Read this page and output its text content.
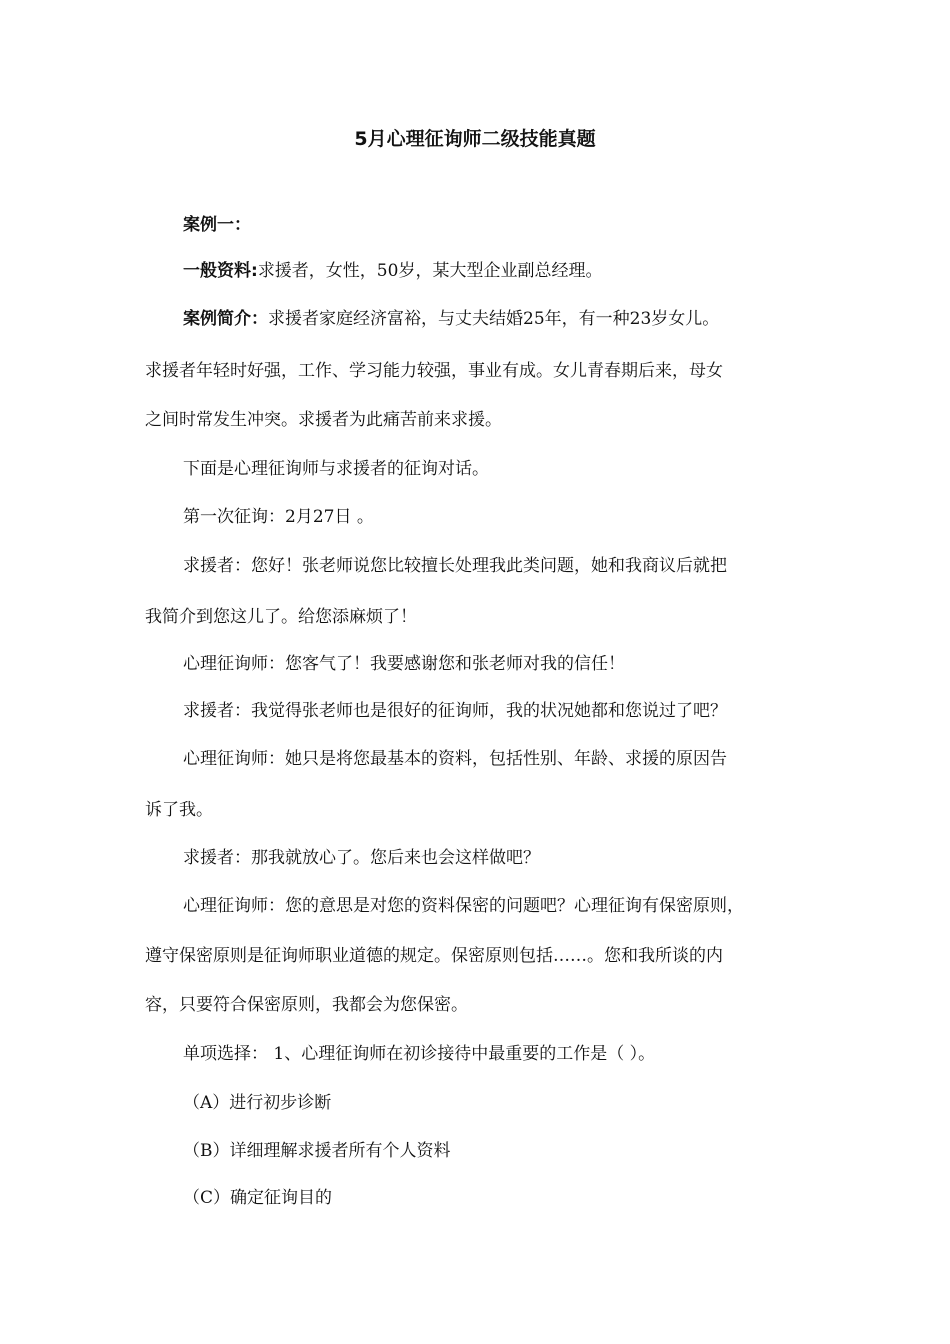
5月心理征询师二级技能真题
案例一：
一般资料:求援者，女性，50岁，某大型企业副总经理。
案例简介：求援者家庭经济富裕，与丈夫结婚25年，有一种23岁女儿。
求援者年轻时好强，工作、学习能力较强，事业有成。女儿青春期后来，母女
之间时常发生冲突。求援者为此痛苦前来求援。
下面是心理征询师与求援者的征询对话。
第一次征询：2月27日 。
求援者：您好！张老师说您比较擅长处理我此类问题，她和我商议后就把
我简介到您这儿了。给您添麻烦了！
心理征询师：您客气了！我要感谢您和张老师对我的信任！
求援者：我觉得张老师也是很好的征询师，我的状况她都和您说过了吧？
心理征询师：她只是将您最基本的资料，包括性别、年龄、求援的原因告
诉了我。
求援者：那我就放心了。您后来也会这样做吧？
心理征询师：您的意思是对您的资料保密的问题吧？心理征询有保密原则，
遵守保密原则是征询师职业道德的规定。保密原则包括……。您和我所谈的内
容，只要符合保密原则，我都会为您保密。
单项选择： 1、心理征询师在初诊接待中最重要的工作是（ ）。
（A）进行初步诊断
（B）详细理解求援者所有个人资料
（C）确定征询目的
